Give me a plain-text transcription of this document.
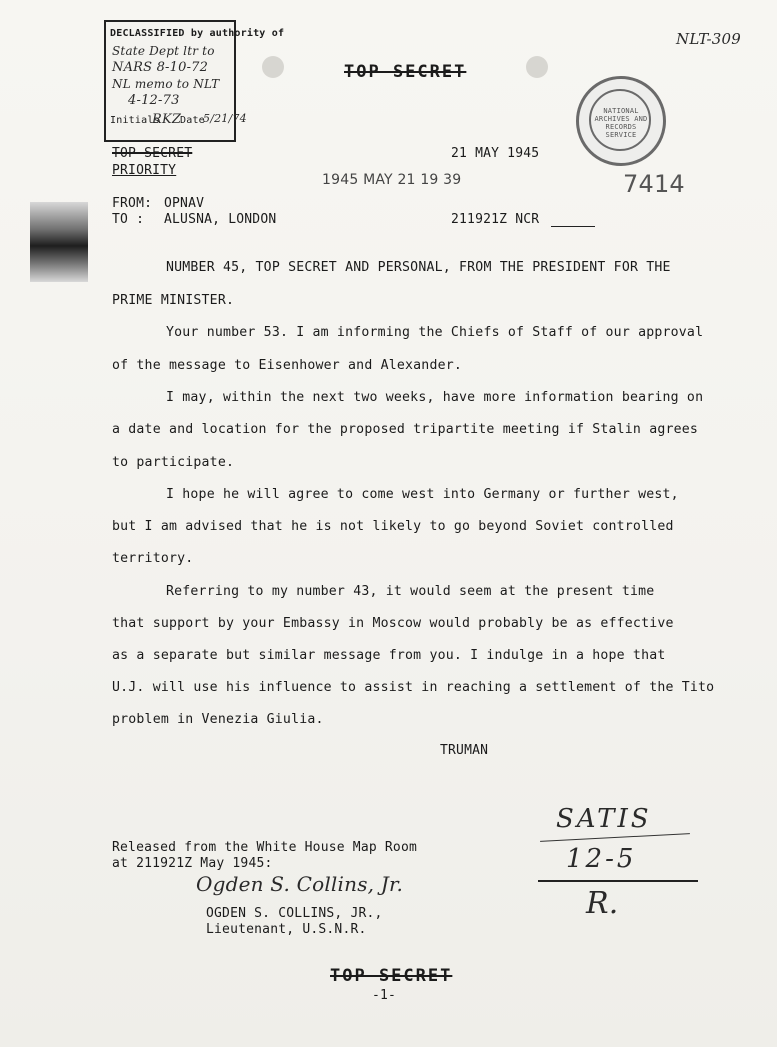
DECLASSIFIED by authority of
State Dept ltr to
NARS 8-10-72
NL memo to NLT
4-12-73
Initials
RKZ
Date
5/21/74
NLT-309
TOP SECRET
NATIONAL ARCHIVES AND RECORDS SERVICE
TOP SECRET
PRIORITY
21 MAY 1945
1945 MAY 21 19 39	7414
FROM: OPNAV
TO : ALUSNA, LONDON	211921Z NCR
NUMBER 45, TOP SECRET AND PERSONAL, FROM THE PRESIDENT FOR THE
PRIME MINISTER.
Your number 53. I am informing the Chiefs of Staff of our approval
of the message to Eisenhower and Alexander.
I may, within the next two weeks, have more information bearing on
a date and location for the proposed tripartite meeting if Stalin agrees
to participate.
I hope he will agree to come west into Germany or further west,
but I am advised that he is not likely to go beyond Soviet controlled
territory.
Referring to my number 43, it would seem at the present time
that support by your Embassy in Moscow would probably be as effective
as a separate but similar message from you. I indulge in a hope that
U.J. will use his influence to assist in reaching a settlement of the Tito
problem in Venezia Giulia.
TRUMAN
SATIS
12-5
R.
Released from the White House Map Room
at 211921Z May 1945:
Ogden S. Collins, Jr.
OGDEN S. COLLINS, JR.,
Lieutenant, U.S.N.R.
TOP SECRET
-1-
